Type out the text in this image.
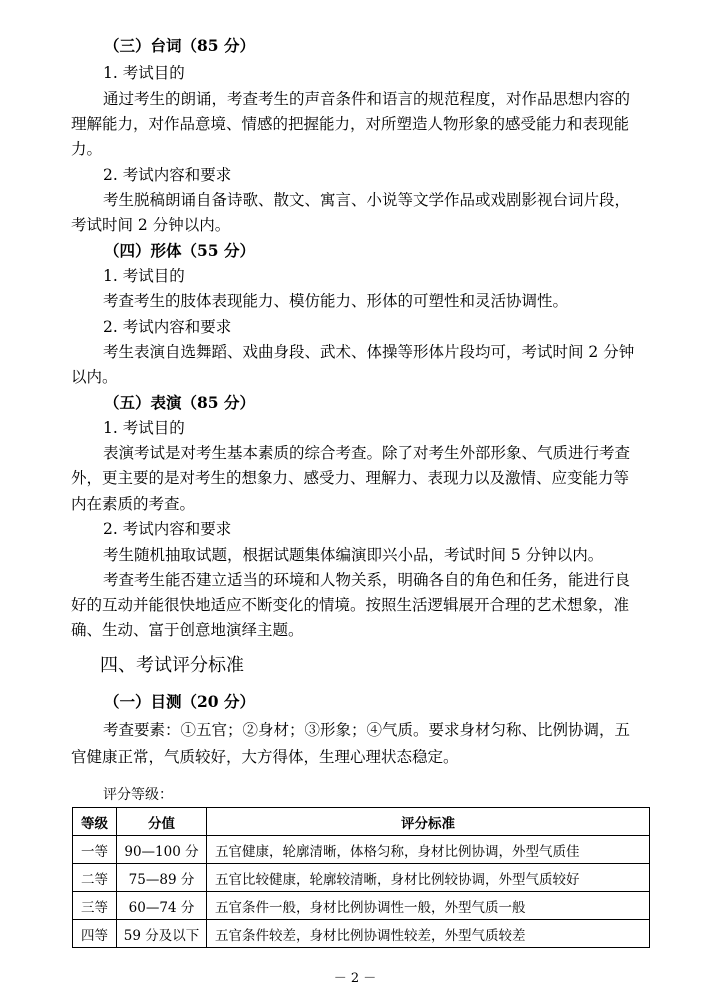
（三）台词（85 分）
1. 考试目的
通过考生的朗诵，考查考生的声音条件和语言的规范程度，对作品思想内容的
理解能力，对作品意境、情感的把握能力，对所塑造人物形象的感受能力和表现能
力。
2. 考试内容和要求
考生脱稿朗诵自备诗歌、散文、寓言、小说等文学作品或戏剧影视台词片段，
考试时间 2 分钟以内。
（四）形体（55 分）
1. 考试目的
考查考生的肢体表现能力、模仿能力、形体的可塑性和灵活协调性。
2. 考试内容和要求
考生表演自选舞蹈、戏曲身段、武术、体操等形体片段均可，考试时间 2 分钟
以内。
（五）表演（85 分）
1. 考试目的
表演考试是对考生基本素质的综合考查。除了对考生外部形象、气质进行考查
外，更主要的是对考生的想象力、感受力、理解力、表现力以及激情、应变能力等
内在素质的考查。
2. 考试内容和要求
考生随机抽取试题，根据试题集体编演即兴小品，考试时间 5 分钟以内。
考查考生能否建立适当的环境和人物关系，明确各自的角色和任务，能进行良
好的互动并能很快地适应不断变化的情境。按照生活逻辑展开合理的艺术想象，准
确、生动、富于创意地演绎主题。
四、考试评分标准
（一）目测（20 分）
考查要素：①五官；②身材；③形象；④气质。要求身材匀称、比例协调，五
官健康正常，气质较好，大方得体，生理心理状态稳定。
评分等级：
等级	分值	评分标准
一等	90—100 分	五官健康，轮廓清晰，体格匀称，身材比例协调，外型气质佳
二等	75—89 分	五官比较健康，轮廓较清晰，身材比例较协调，外型气质较好
三等	60—74 分	五官条件一般，身材比例协调性一般，外型气质一般
四等	59 分及以下	五官条件较差，身材比例协调性较差，外型气质较差
－ 2 －
